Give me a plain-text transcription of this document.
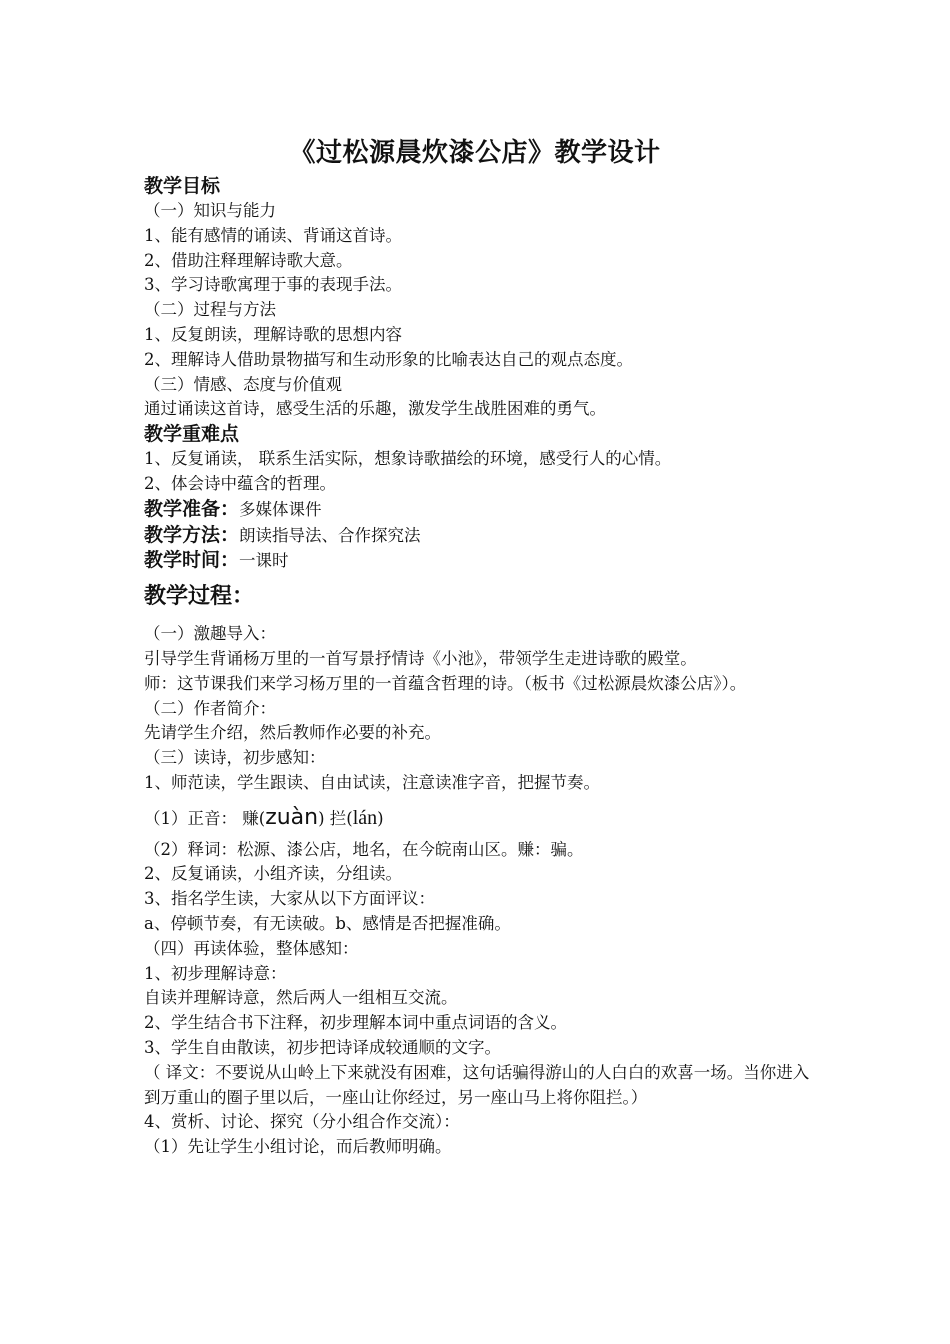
《过松源晨炊漆公店》教学设计
教学目标
（一）知识与能力
1、能有感情的诵读、背诵这首诗。
2、借助注释理解诗歌大意。
3、学习诗歌寓理于事的表现手法。
（二）过程与方法
1、反复朗读，理解诗歌的思想内容
2、理解诗人借助景物描写和生动形象的比喻表达自己的观点态度。
（三）情感、态度与价值观
通过诵读这首诗，感受生活的乐趣，激发学生战胜困难的勇气。
教学重难点
1、反复诵读， 联系生活实际，想象诗歌描绘的环境，感受行人的心情。
2、体会诗中蕴含的哲理。
教学准备：多媒体课件
教学方法：朗读指导法、合作探究法
教学时间：一课时
教学过程：
（一）激趣导入：
引导学生背诵杨万里的一首写景抒情诗《小池》，带领学生走进诗歌的殿堂。
师：这节课我们来学习杨万里的一首蕴含哲理的诗。（板书《过松源晨炊漆公店》）。
（二）作者简介：
先请学生介绍，然后教师作必要的补充。
（三）读诗，初步感知：
1、师范读，学生跟读、自由试读，注意读准字音，把握节奏。
（1）正音： 赚(zuàn) 拦(lán)
（2）释词：松源、漆公店，地名，在今皖南山区。赚：骗。
2、反复诵读，小组齐读，分组读。
3、指名学生读，大家从以下方面评议：
a、停顿节奏，有无读破。b、感情是否把握准确。
（四）再读体验，整体感知：
1、初步理解诗意：
自读并理解诗意，然后两人一组相互交流。
2、学生结合书下注释，初步理解本词中重点词语的含义。
3、学生自由散读，初步把诗译成较通顺的文字。
（ 译文：不要说从山岭上下来就没有困难，这句话骗得游山的人白白的欢喜一场。当你进入到万重山的圈子里以后，一座山让你经过，另一座山马上将你阻拦。）
4、赏析、讨论、探究（分小组合作交流）：
（1）先让学生小组讨论，而后教师明确。
